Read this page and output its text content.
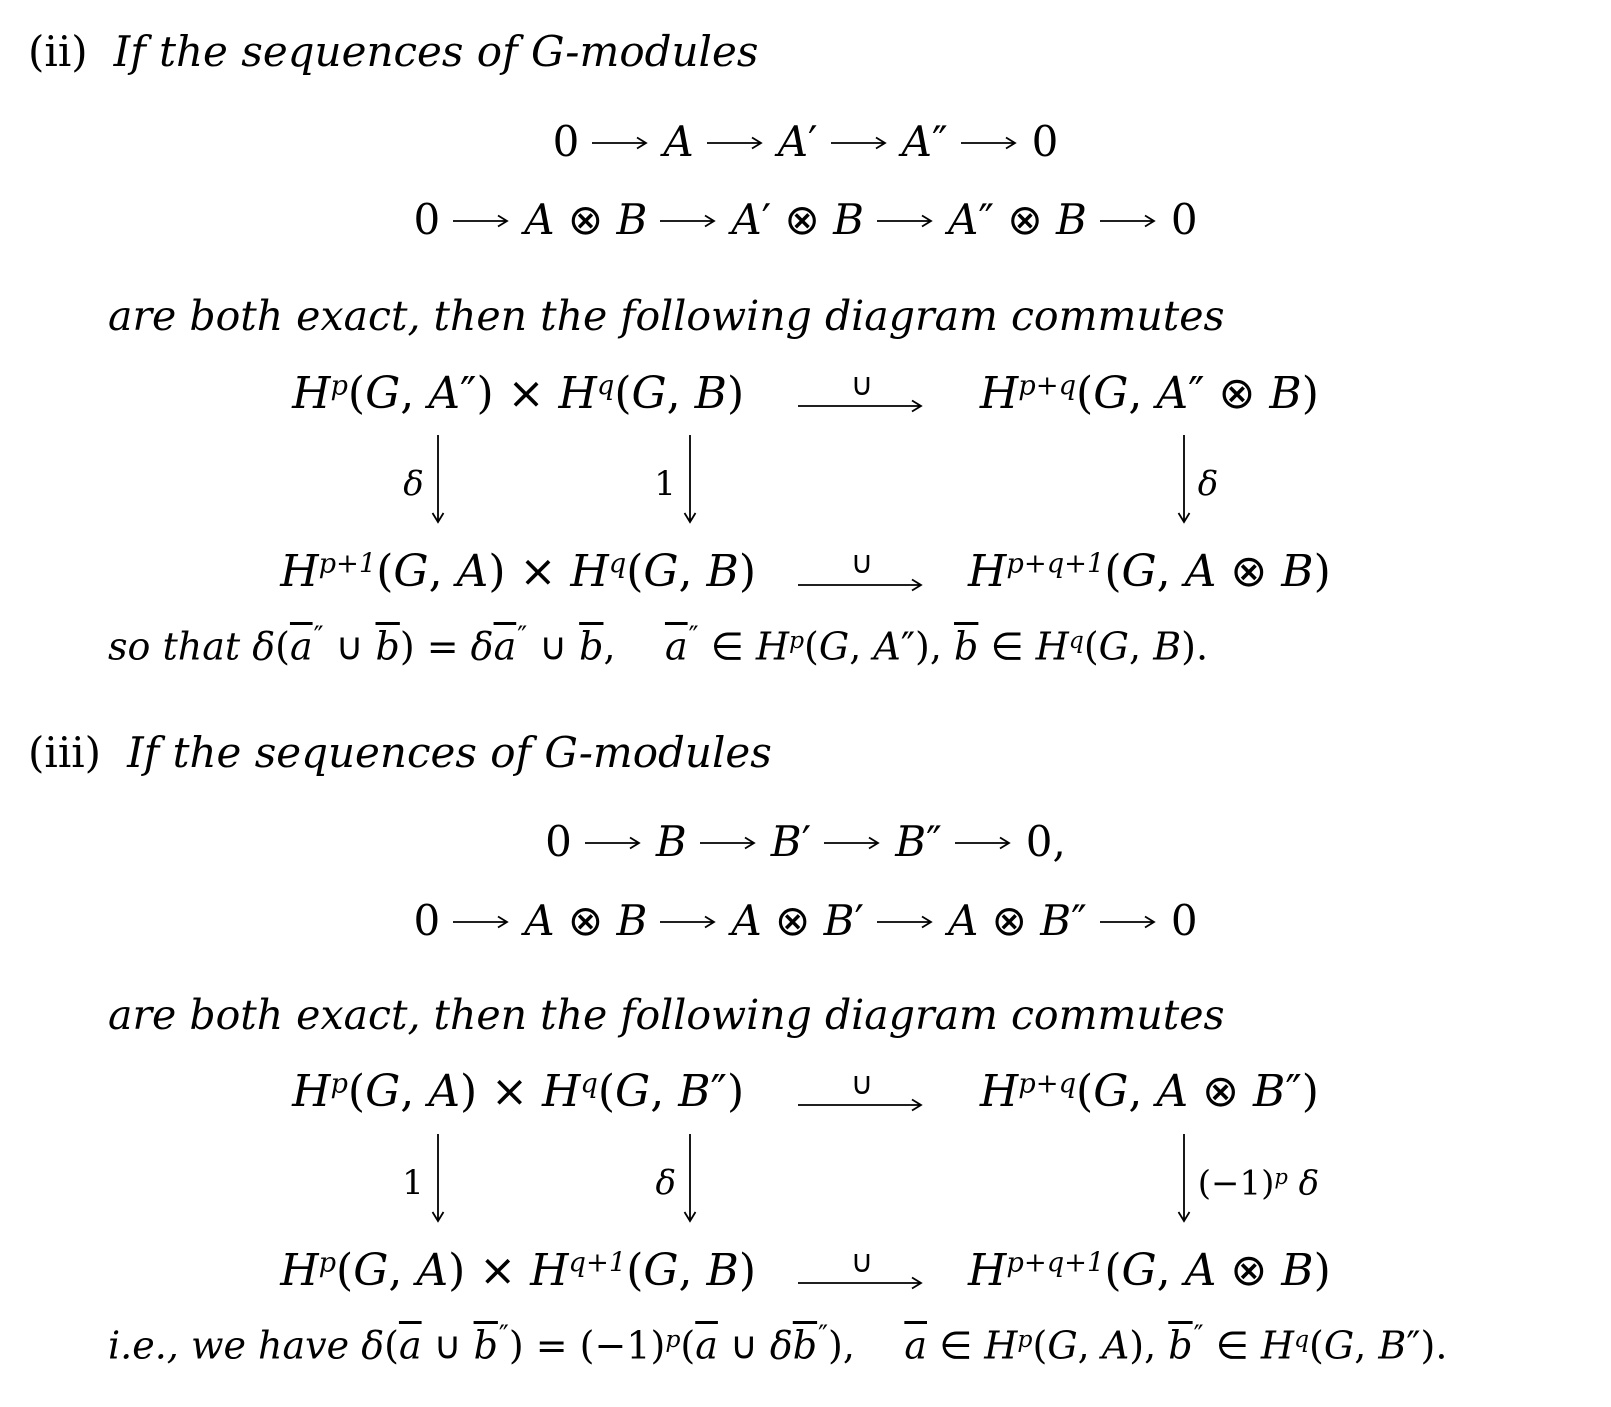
(ii) If the sequences of G-modules
0 A A′ A″ 0
0 A ⊗ B A′ ⊗ B A″ ⊗ B 0
are both exact, then the following diagram commutes
$H^p(G$, $A'') \times H^q(G$, B)	∪ $H^{p+q}(G$, A″ ⊗ B)
δ	1	δ
$H^{p+1}(G$, $A) \times H^q(G$, B)	∪ $H^{p+q+1}(G$, A ⊗ B)
so that $\delta(\overline{a}''$ ∪ $\overline{b}) = \delta\overline{a}''$ ∪ $\overline{b}$, $\overline{a}''$ ∈ $H^p(G$, A″), $\overline{b}$ ∈ $H^q(G$, B).
(iii) If the sequences of G-modules
0 B B′ B″ 0,
0 A ⊗ B A ⊗ B′ A ⊗ B″ 0
are both exact, then the following diagram commutes
$H^p(G$, $A) \times H^q(G$, B″)	∪ $H^{p+q}(G$, A ⊗ B″)
1	δ	$(-1)^p$ δ
$H^p(G$, $A) \times H^{q+1}(G$, B)	∪ $H^{p+q+1}(G$, A ⊗ B)
i.e., we have $\delta(\overline{a}$ ∪ $\overline{b}'') = (-1)^p(\overline{a}$ ∪ $\delta\overline{b}''$), $\overline{a}$ ∈ $H^p(G$, A), $\overline{b}''$ ∈ $H^q(G$, B″).
